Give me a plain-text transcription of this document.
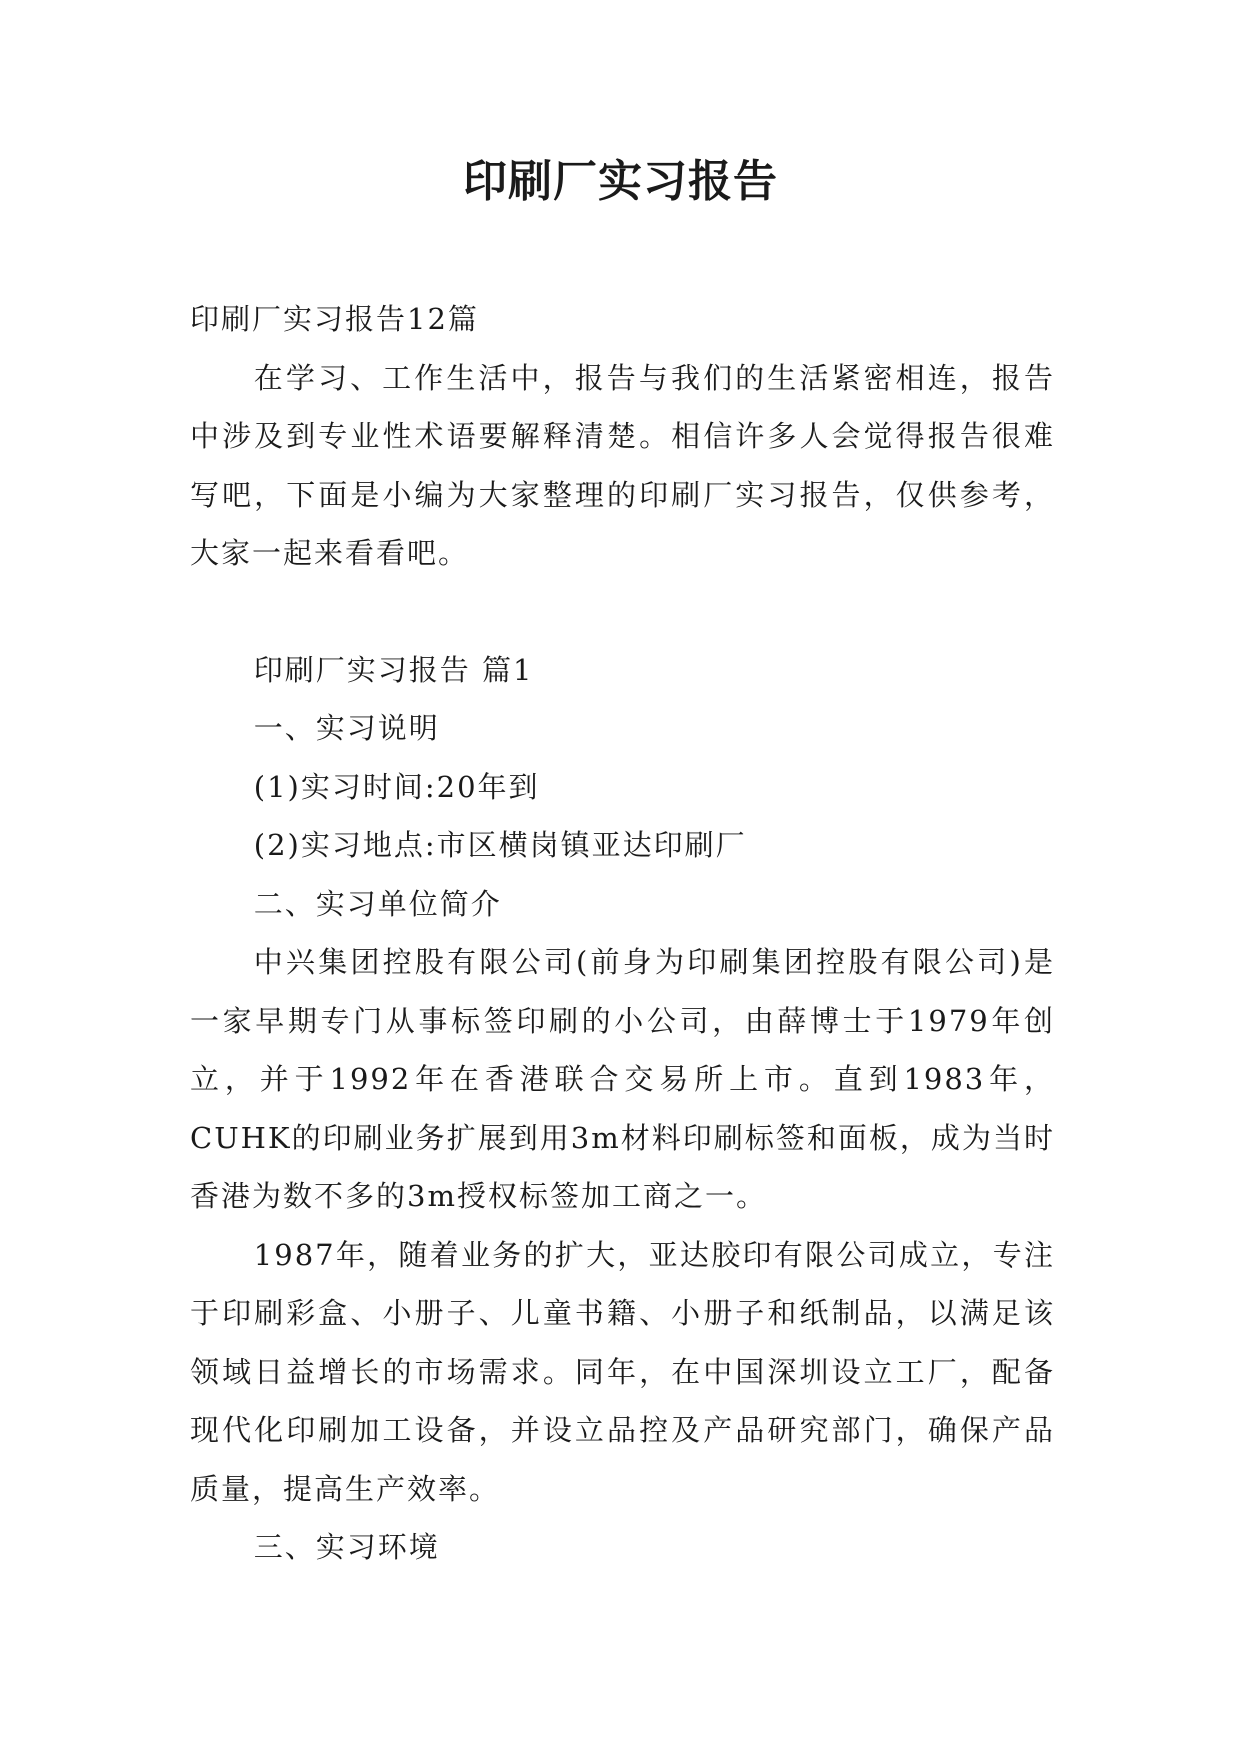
印刷厂实习报告

印刷厂实习报告12篇

在学习、工作生活中，报告与我们的生活紧密相连，报告中涉及到专业性术语要解释清楚。相信许多人会觉得报告很难写吧，下面是小编为大家整理的印刷厂实习报告，仅供参考，大家一起来看看吧。

印刷厂实习报告 篇1

一、实习说明

(1)实习时间:20年到

(2)实习地点:市区横岗镇亚达印刷厂

二、实习单位简介

中兴集团控股有限公司(前身为印刷集团控股有限公司)是一家早期专门从事标签印刷的小公司，由薛博士于1979年创立，并于1992年在香港联合交易所上市。直到1983年，CUHK的印刷业务扩展到用3m材料印刷标签和面板，成为当时香港为数不多的3m授权标签加工商之一。

1987年，随着业务的扩大，亚达胶印有限公司成立，专注于印刷彩盒、小册子、儿童书籍、小册子和纸制品，以满足该领域日益增长的市场需求。同年，在中国深圳设立工厂，配备现代化印刷加工设备，并设立品控及产品研究部门，确保产品质量，提高生产效率。

三、实习环境
